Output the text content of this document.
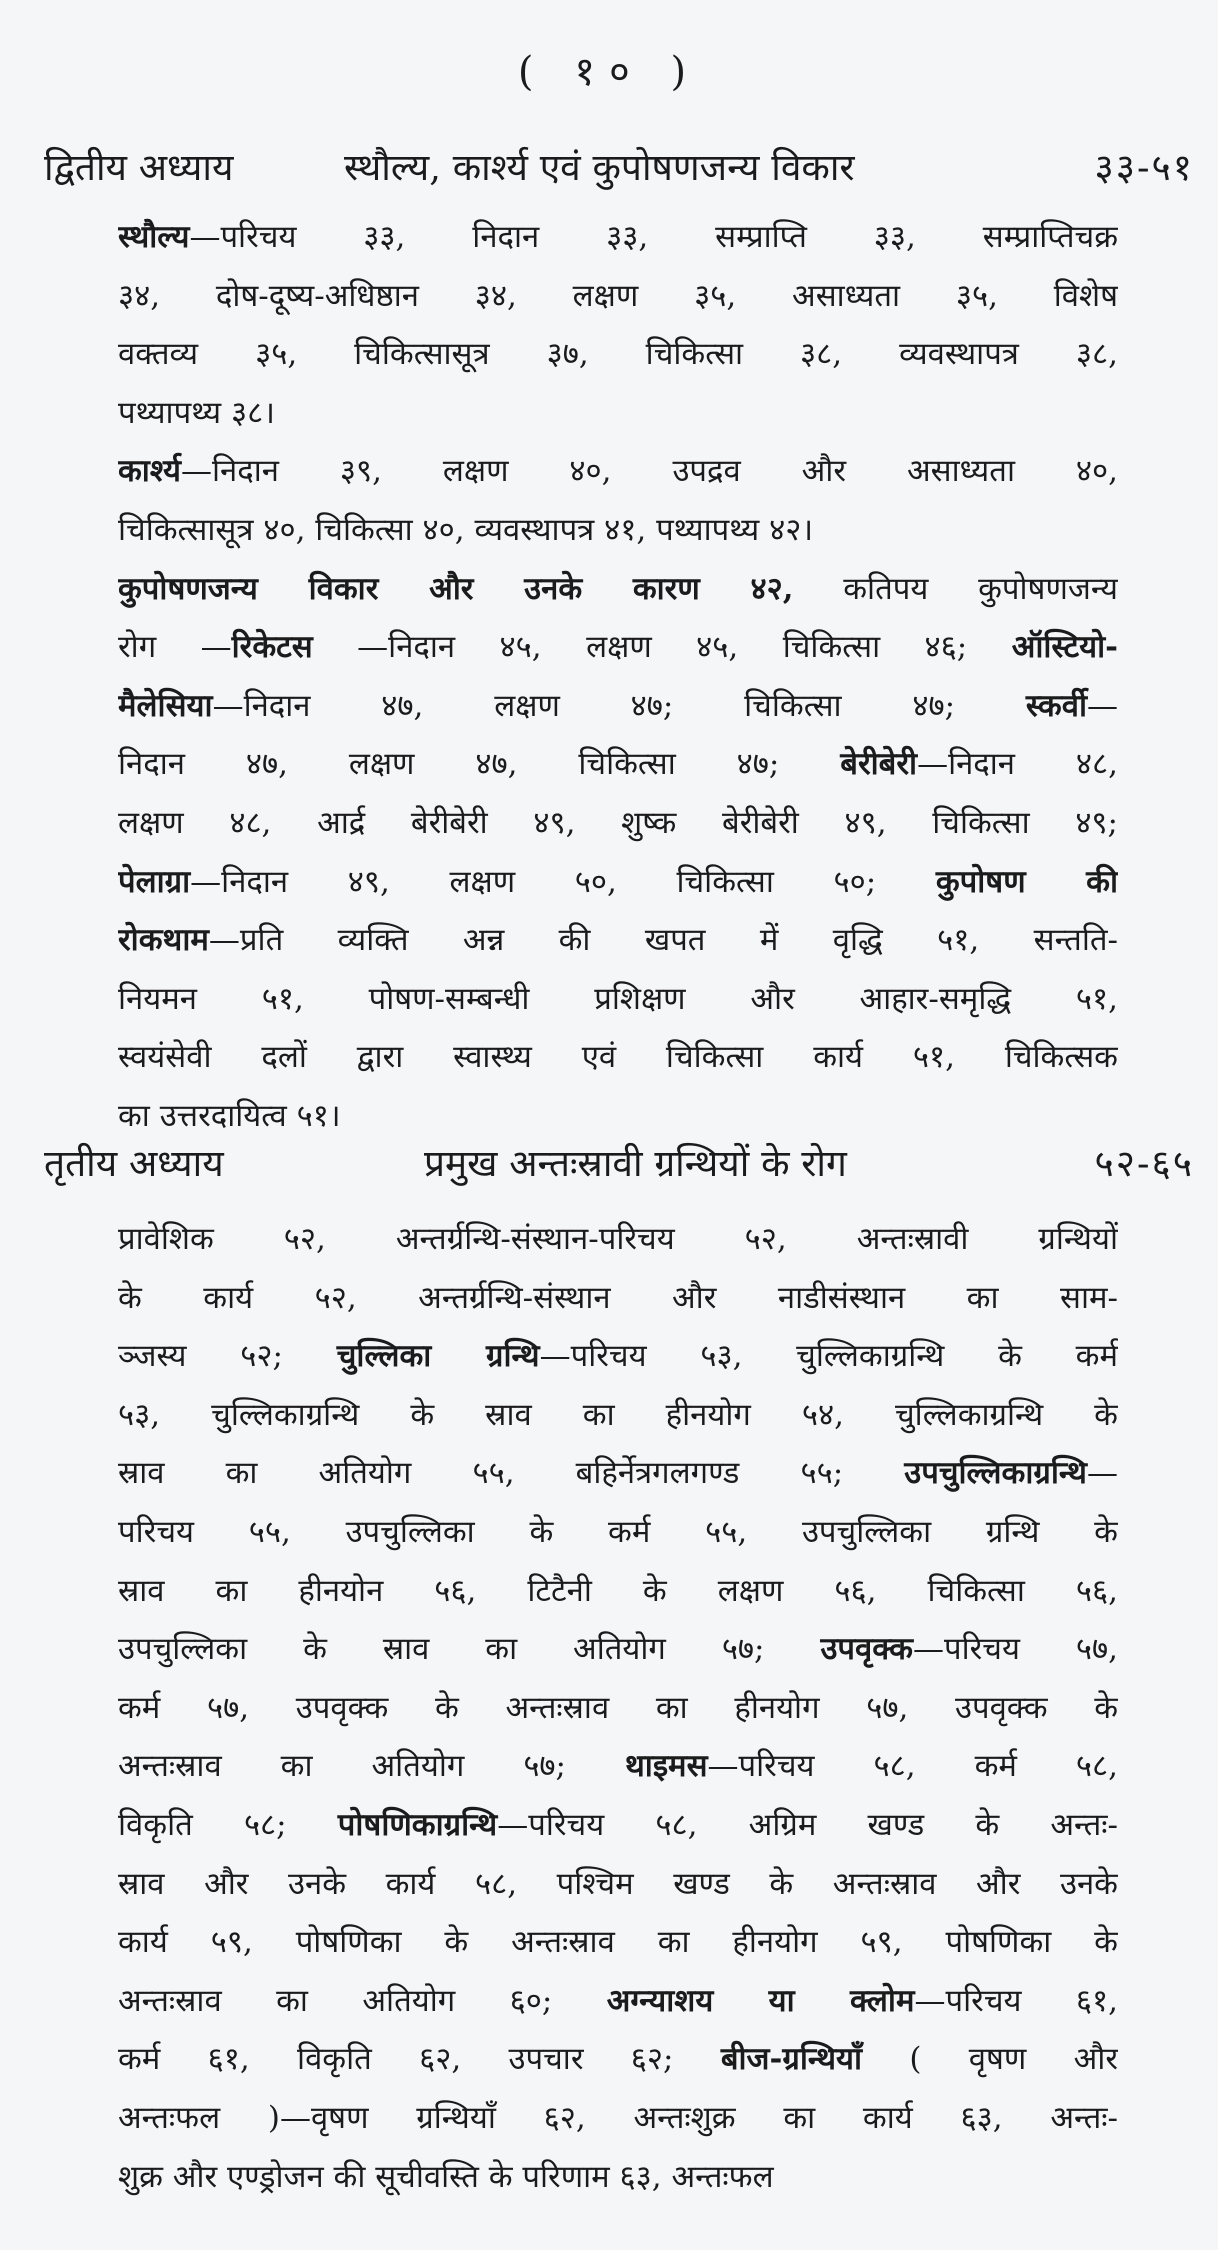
( १० )
द्वितीय अध्याय	स्थौल्य, कार्श्य एवं कुपोषणजन्य विकार	३३-५१
स्थौल्य—परिचय ३३, निदान ३३, सम्प्राप्ति ३३, सम्प्राप्तिचक्र
३४, दोष-दूष्य-अधिष्ठान ३४, लक्षण ३५, असाध्यता ३५, विशेष
वक्तव्य ३५, चिकित्सासूत्र ३७, चिकित्सा ३८, व्यवस्थापत्र ३८,
पथ्यापथ्य ३८।
कार्श्य—निदान ३९, लक्षण ४०, उपद्रव और असाध्यता ४०,
चिकित्सासूत्र ४०, चिकित्सा ४०, व्यवस्थापत्र ४१, पथ्यापथ्य ४२।
कुपोषणजन्य विकार और उनके कारण ४२, कतिपय कुपोषणजन्य
रोग —रिकेटस —निदान ४५, लक्षण ४५, चिकित्सा ४६; ऑस्टियो-
मैलेसिया—निदान ४७, लक्षण ४७; चिकित्सा ४७; स्कर्वी—
निदान ४७, लक्षण ४७, चिकित्सा ४७; बेरीबेरी—निदान ४८,
लक्षण ४८, आर्द्र बेरीबेरी ४९, शुष्क बेरीबेरी ४९, चिकित्सा ४९;
पेलाग्रा—निदान ४९, लक्षण ५०, चिकित्सा ५०; कुपोषण की
रोकथाम—प्रति व्यक्ति अन्न की खपत में वृद्धि ५१, सन्तति-
नियमन ५१, पोषण-सम्बन्धी प्रशिक्षण और आहार-समृद्धि ५१,
स्वयंसेवी दलों द्वारा स्वास्थ्य एवं चिकित्सा कार्य ५१, चिकित्सक
का उत्तरदायित्व ५१।
तृतीय अध्याय	प्रमुख अन्तःस्रावी ग्रन्थियों के रोग	५२-६५
प्रावेशिक ५२, अन्तर्ग्रन्थि-संस्थान-परिचय ५२, अन्तःस्रावी ग्रन्थियों
के कार्य ५२, अन्तर्ग्रन्थि-संस्थान और नाडीसंस्थान का साम-
ञ्जस्य ५२; चुल्लिका ग्रन्थि—परिचय ५३, चुल्लिकाग्रन्थि के कर्म
५३, चुल्लिकाग्रन्थि के स्राव का हीनयोग ५४, चुल्लिकाग्रन्थि के
स्राव का अतियोग ५५, बहिर्नेत्रगलगण्ड ५५; उपचुल्लिकाग्रन्थि—
परिचय ५५, उपचुल्लिका के कर्म ५५, उपचुल्लिका ग्रन्थि के
स्राव का हीनयोन ५६, टिटैनी के लक्षण ५६, चिकित्सा ५६,
उपचुल्लिका के स्राव का अतियोग ५७; उपवृक्क—परिचय ५७,
कर्म ५७, उपवृक्क के अन्तःस्राव का हीनयोग ५७, उपवृक्क के
अन्तःस्राव का अतियोग ५७; थाइमस—परिचय ५८, कर्म ५८,
विकृति ५८; पोषणिकाग्रन्थि—परिचय ५८, अग्रिम खण्ड के अन्तः-
स्राव और उनके कार्य ५८, पश्चिम खण्ड के अन्तःस्राव और उनके
कार्य ५९, पोषणिका के अन्तःस्राव का हीनयोग ५९, पोषणिका के
अन्तःस्राव का अतियोग ६०; अग्न्याशय या क्लोम—परिचय ६१,
कर्म ६१, विकृति ६२, उपचार ६२; बीज-ग्रन्थियाँ ( वृषण और
अन्तःफल )—वृषण ग्रन्थियाँ ६२, अन्तःशुक्र का कार्य ६३, अन्तः-
शुक्र और एण्ड्रोजन की सूचीवस्ति के परिणाम ६३, अन्तःफल
